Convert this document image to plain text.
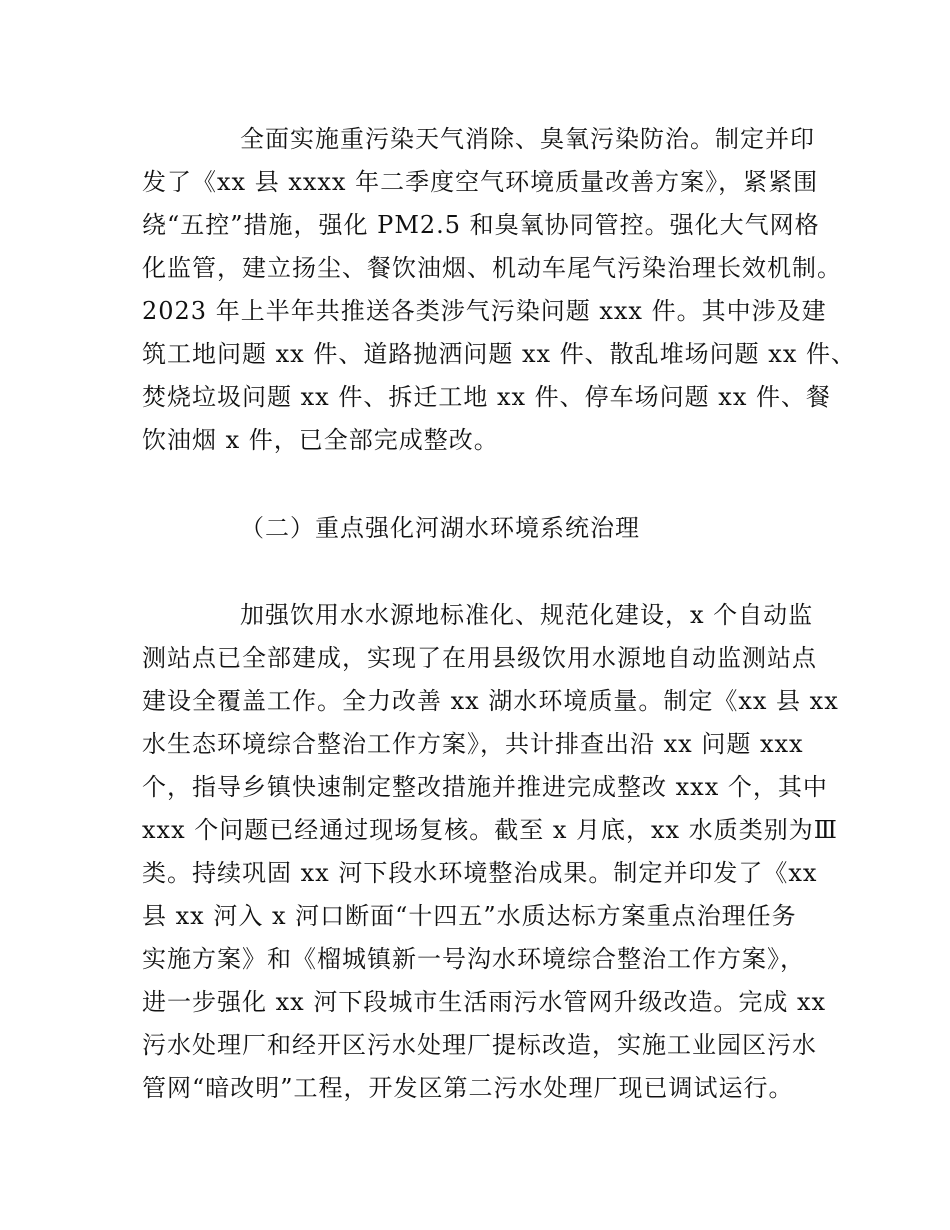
全面实施重污染天气消除、臭氧污染防治。制定并印
发了《xx 县 xxxx 年二季度空气环境质量改善方案》，紧紧围
绕“五控”措施，强化 PM2.5 和臭氧协同管控。强化大气网格
化监管，建立扬尘、餐饮油烟、机动车尾气污染治理长效机制。
2023 年上半年共推送各类涉气污染问题 xxx 件。其中涉及建
筑工地问题 xx 件、道路抛洒问题 xx 件、散乱堆场问题 xx 件、
焚烧垃圾问题 xx 件、拆迁工地 xx 件、停车场问题 xx 件、餐
饮油烟 x 件，已全部完成整改。
（二）重点强化河湖水环境系统治理
加强饮用水水源地标准化、规范化建设，x 个自动监
测站点已全部建成，实现了在用县级饮用水源地自动监测站点
建设全覆盖工作。全力改善 xx 湖水环境质量。制定《xx 县 xx
水生态环境综合整治工作方案》，共计排查出沿 xx 问题 xxx
个，指导乡镇快速制定整改措施并推进完成整改 xxx 个，其中
xxx 个问题已经通过现场复核。截至 x 月底，xx 水质类别为Ⅲ
类。持续巩固 xx 河下段水环境整治成果。制定并印发了《xx
县 xx 河入 x 河口断面“十四五”水质达标方案重点治理任务
实施方案》和《榴城镇新一号沟水环境综合整治工作方案》，
进一步强化 xx 河下段城市生活雨污水管网升级改造。完成 xx
污水处理厂和经开区污水处理厂提标改造，实施工业园区污水
管网“暗改明”工程，开发区第二污水处理厂现已调试运行。
